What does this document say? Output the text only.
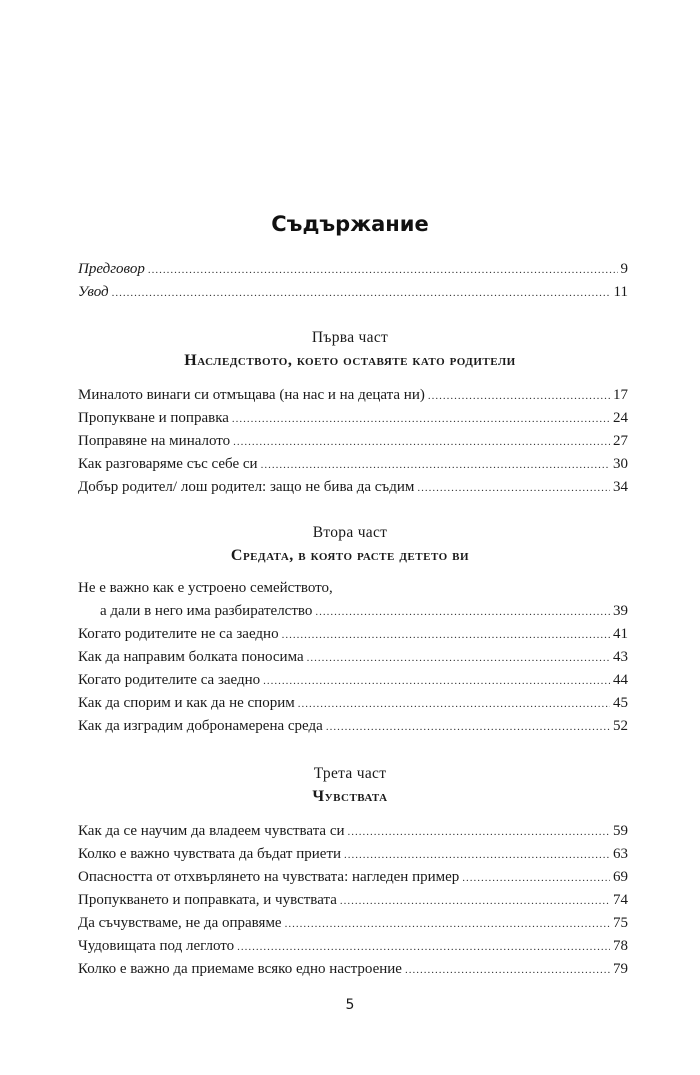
Съдържание
Предговор .....	9
Увод .....	11
Първа част
Наследството, което оставяте като родители
Миналото винаги си отмъщава (на нас и на децата ни) .....	17
Пропукване и поправка .....	24
Поправяне на миналото .....	27
Как разговаряме със себе си .....	30
Добър родител/ лош родител: защо не бива да съдим .....	34
Втора част
Средата, в която расте детето ви
Не е важно как е устроено семейството,
а дали в него има разбирателство .....	39
Когато родителите не са заедно .....	41
Как да направим болката поносима .....	43
Когато родителите са заедно .....	44
Как да спорим и как да не спорим .....	45
Как да изградим добронамерена среда .....	52
Трета част
Чувствата
Как да се научим да владеем чувствата си .....	59
Колко е важно чувствата да бъдат приети .....	63
Опасността от отхвърлянето на чувствата: нагледен пример .....	69
Пропукването и поправката, и чувствата .....	74
Да съчувстваме, не да оправяме .....	75
Чудовищата под леглото .....	78
Колко е важно да приемаме всяко едно настроение .....	79
5
